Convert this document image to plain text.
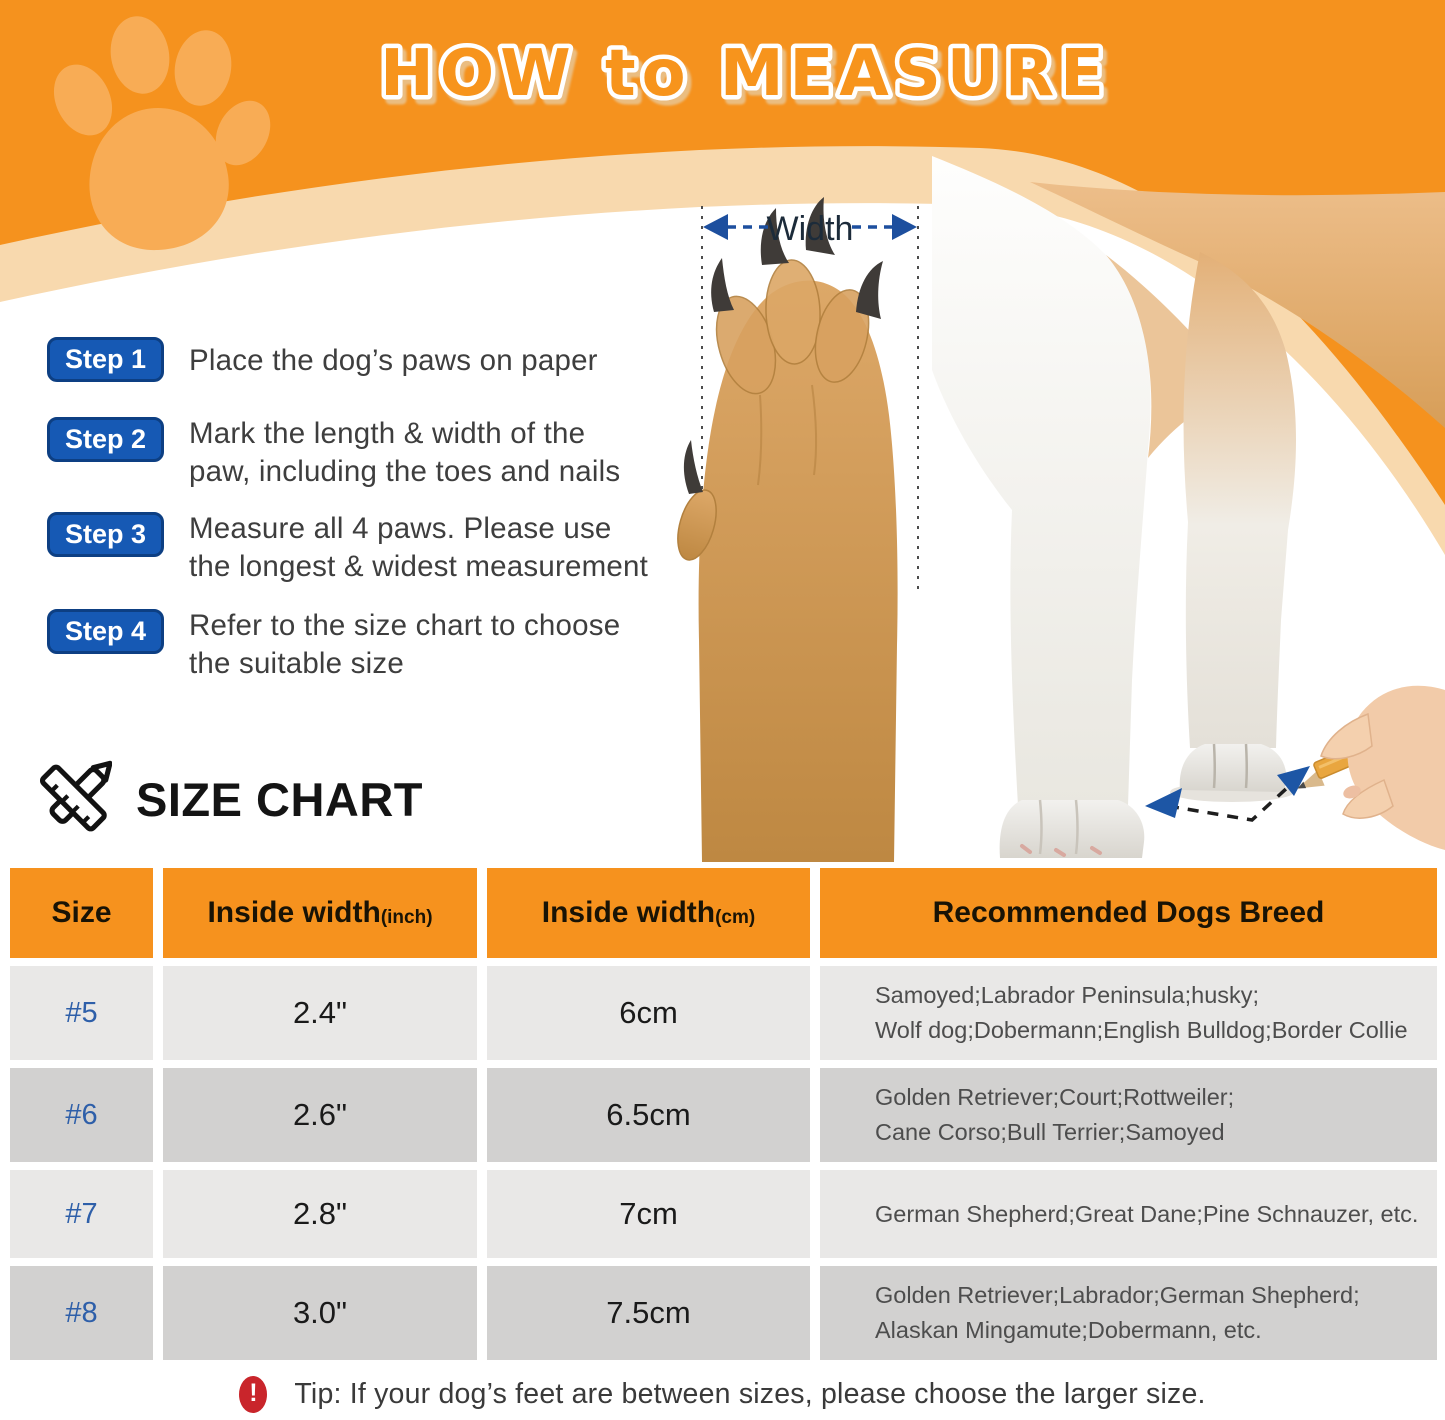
HOW to MEASURE
Width
Step 1	Place the dog’s paws on paper
Step 2	Mark the length & width of the
paw, including the toes and nails
Step 3	Measure all 4 paws. Please use
the longest & widest measurement
Step 4	Refer to the size chart to choose
the suitable size
SIZE CHART
Size	Inside width (inch)	Inside width (cm)	Recommended Dogs Breed
#5	2.4"	6cm	Samoyed;Labrador Peninsula;husky;
Wolf dog;Dobermann;English Bulldog;Border Collie
#6	2.6"	6.5cm	Golden Retriever;Court;Rottweiler;
Cane Corso;Bull Terrier;Samoyed
#7	2.8"	7cm	German Shepherd;Great Dane;Pine Schnauzer, etc.
#8	3.0"	7.5cm	Golden Retriever;Labrador;German Shepherd;
Alaskan Mingamute;Dobermann, etc.
!	Tip: If your dog’s feet are between sizes, please choose the larger size.
